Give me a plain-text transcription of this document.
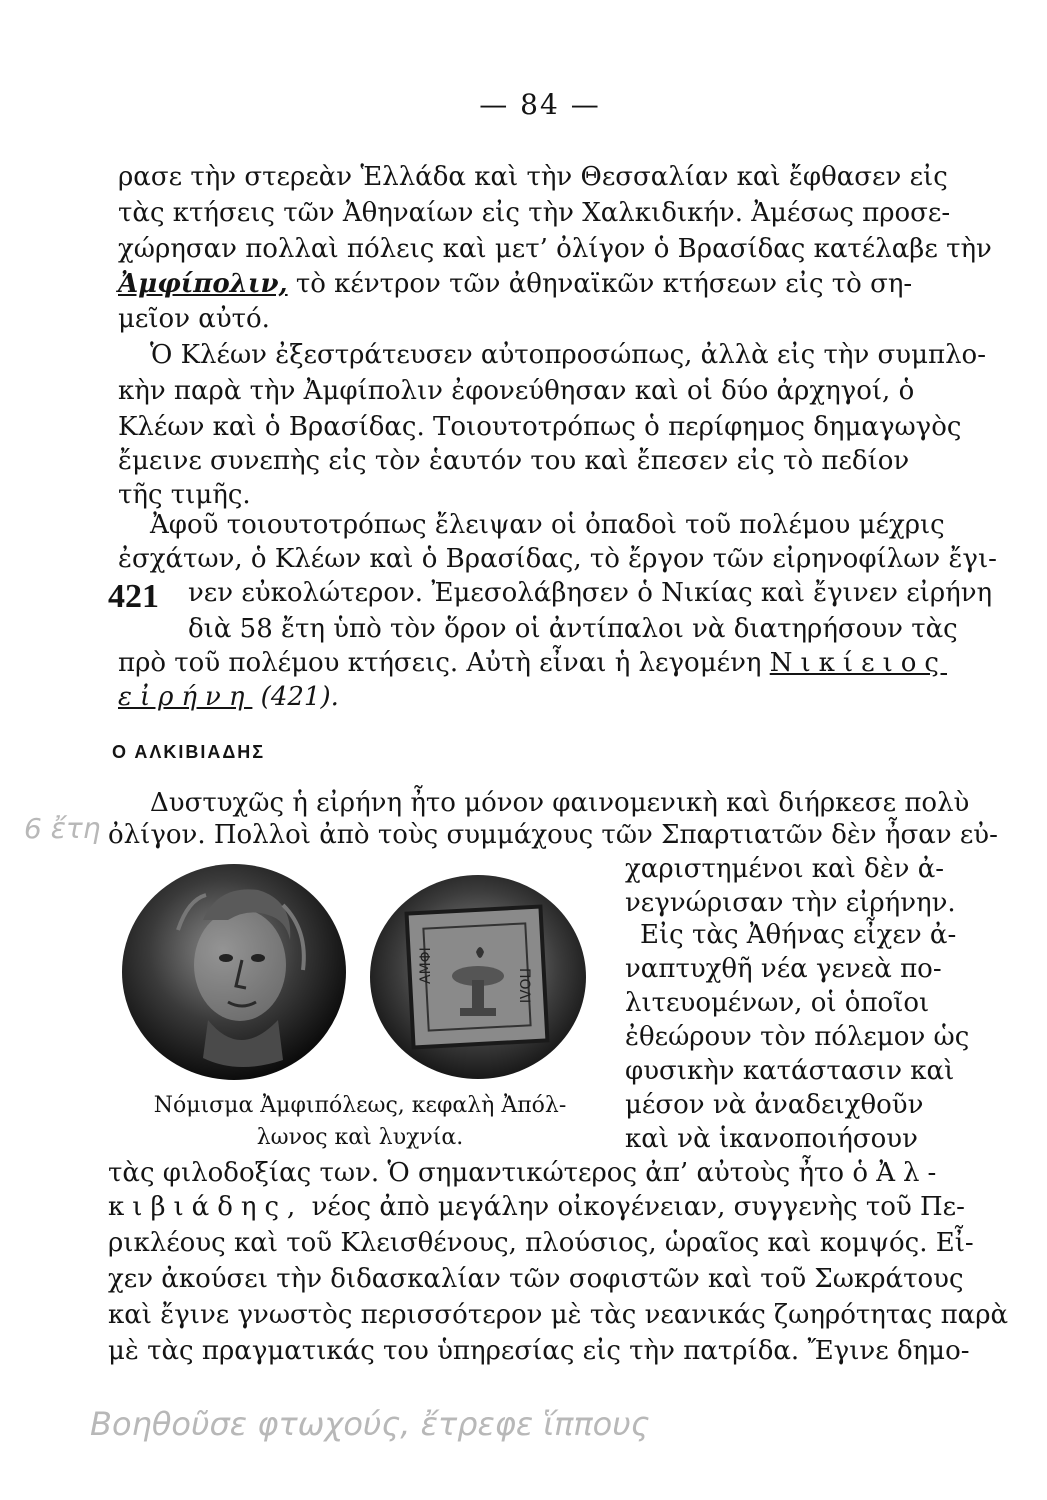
— 84 —
ρασε τὴν στερεὰν Ἑλλάδα καὶ τὴν Θεσσαλίαν καὶ ἔφθασεν εἰς
τὰς κτήσεις τῶν Ἀθηναίων εἰς τὴν Χαλκιδικήν. Ἀμέσως προσε-
χώρησαν πολλαὶ πόλεις καὶ μετ’ ὀλίγον ὁ Βρασίδας κατέλαβε τὴν
Ἀμφίπολιν, τὸ κέντρον τῶν ἀθηναϊκῶν κτήσεων εἰς τὸ ση-
μεῖον αὐτό.
Ὁ Κλέων ἐξεστράτευσεν αὐτοπροσώπως, ἀλλὰ εἰς τὴν συμπλο-
κὴν παρὰ τὴν Ἀμφίπολιν ἐφονεύθησαν καὶ οἱ δύο ἀρχηγοί, ὁ
Κλέων καὶ ὁ Βρασίδας. Τοιουτοτρόπως ὁ περίφημος δημαγωγὸς
ἔμεινε συνεπὴς εἰς τὸν ἑαυτόν του καὶ ἔπεσεν εἰς τὸ πεδίον
τῆς τιμῆς.
Ἀφοῦ τοιουτοτρόπως ἔλειψαν οἱ ὀπαδοὶ τοῦ πολέμου μέχρις
ἐσχάτων, ὁ Κλέων καὶ ὁ Βρασίδας, τὸ ἔργον τῶν εἰρηνοφίλων ἔγι-
νεν εὐκολώτερον. Ἐμεσολάβησεν ὁ Νικίας καὶ ἔγινεν εἰρήνη
421
διὰ 58 ἔτη ὑπὸ τὸν ὅρον οἱ ἀντίπαλοι νὰ διατηρήσουν τὰς
πρὸ τοῦ πολέμου κτήσεις. Αὐτὴ εἶναι ἡ λεγομένη Νικίειος
εἰρήνη (421).
Ο ΑΛΚΙΒΙΑΔΗΣ
Δυστυχῶς ἡ εἰρήνη ἦτο μόνον φαινομενικὴ καὶ διήρκεσε πολὺ
ὀλίγον. Πολλοὶ ἀπὸ τοὺς συμμάχους τῶν Σπαρτιατῶν δὲν ἦσαν εὐ-
χαριστημένοι καὶ δὲν ἀ-
νεγνώρισαν τὴν εἰρήνην.
Εἰς τὰς Ἀθήνας εἶχεν ἀ-
ναπτυχθῆ νέα γενεὰ πο-
λιτευομένων, οἱ ὁποῖοι
ἐθεώρουν τὸν πόλεμον ὡς
φυσικὴν κατάστασιν καὶ
μέσον νὰ ἀναδειχθοῦν
καὶ νὰ ἱκανοποιήσουν
ΑΜΦΙ
ΠΟΛΙ
Νόμισμα Ἀμφιπόλεως, κεφαλὴ Ἀπόλ-
λωνος καὶ λυχνία.
τὰς φιλοδοξίας των. Ὁ σημαντικώτερος ἀπ’ αὐτοὺς ἦτο ὁ Ἀλ-
κιβιάδης, νέος ἀπὸ μεγάλην οἰκογένειαν, συγγενὴς τοῦ Πε-
ρικλέους καὶ τοῦ Κλεισθένους, πλούσιος, ὡραῖος καὶ κομψός. Εἶ-
χεν ἀκούσει τὴν διδασκαλίαν τῶν σοφιστῶν καὶ τοῦ Σωκράτους
καὶ ἔγινε γνωστὸς περισσότερον μὲ τὰς νεανικάς ζωηρότητας παρὰ
μὲ τὰς πραγματικάς του ὑπηρεσίας εἰς τὴν πατρίδα. Ἔγινε δημο-
6 ἔτη
Βοηθοῦσε φτωχούς, ἔτρεφε ἵππους
